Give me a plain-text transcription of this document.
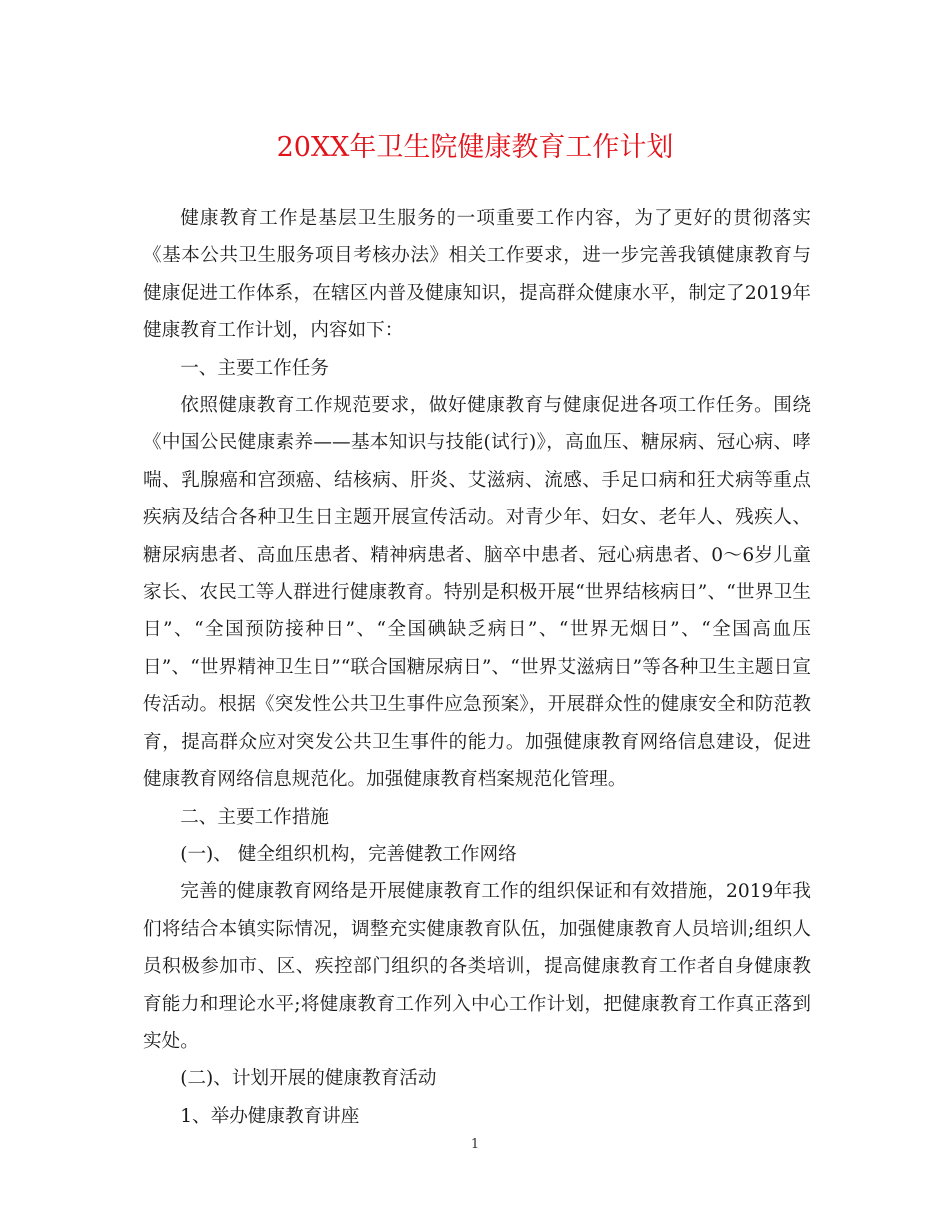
20XX年卫生院健康教育工作计划

健康教育工作是基层卫生服务的一项重要工作内容，为了更好的贯彻落实《基本公共卫生服务项目考核办法》相关工作要求，进一步完善我镇健康教育与健康促进工作体系，在辖区内普及健康知识，提高群众健康水平，制定了2019年健康教育工作计划，内容如下：

一、主要工作任务

依照健康教育工作规范要求，做好健康教育与健康促进各项工作任务。围绕《中国公民健康素养——基本知识与技能(试行)》，高血压、糖尿病、冠心病、哮喘、乳腺癌和宫颈癌、结核病、肝炎、艾滋病、流感、手足口病和狂犬病等重点疾病及结合各种卫生日主题开展宣传活动。对青少年、妇女、老年人、残疾人、糖尿病患者、高血压患者、精神病患者、脑卒中患者、冠心病患者、0～6岁儿童家长、农民工等人群进行健康教育。特别是积极开展“世界结核病日”、“世界卫生日”、“全国预防接种日”、“全国碘缺乏病日”、“世界无烟日”、“全国高血压日”、“世界精神卫生日”“联合国糖尿病日”、“世界艾滋病日”等各种卫生主题日宣传活动。根据《突发性公共卫生事件应急预案》，开展群众性的健康安全和防范教育，提高群众应对突发公共卫生事件的能力。加强健康教育网络信息建设，促进健康教育网络信息规范化。加强健康教育档案规范化管理。

二、主要工作措施

(一)、 健全组织机构，完善健教工作网络

完善的健康教育网络是开展健康教育工作的组织保证和有效措施，2019年我们将结合本镇实际情况，调整充实健康教育队伍，加强健康教育人员培训;组织人员积极参加市、区、疾控部门组织的各类培训，提高健康教育工作者自身健康教育能力和理论水平;将健康教育工作列入中心工作计划，把健康教育工作真正落到实处。

(二)、计划开展的健康教育活动

1、举办健康教育讲座

1
